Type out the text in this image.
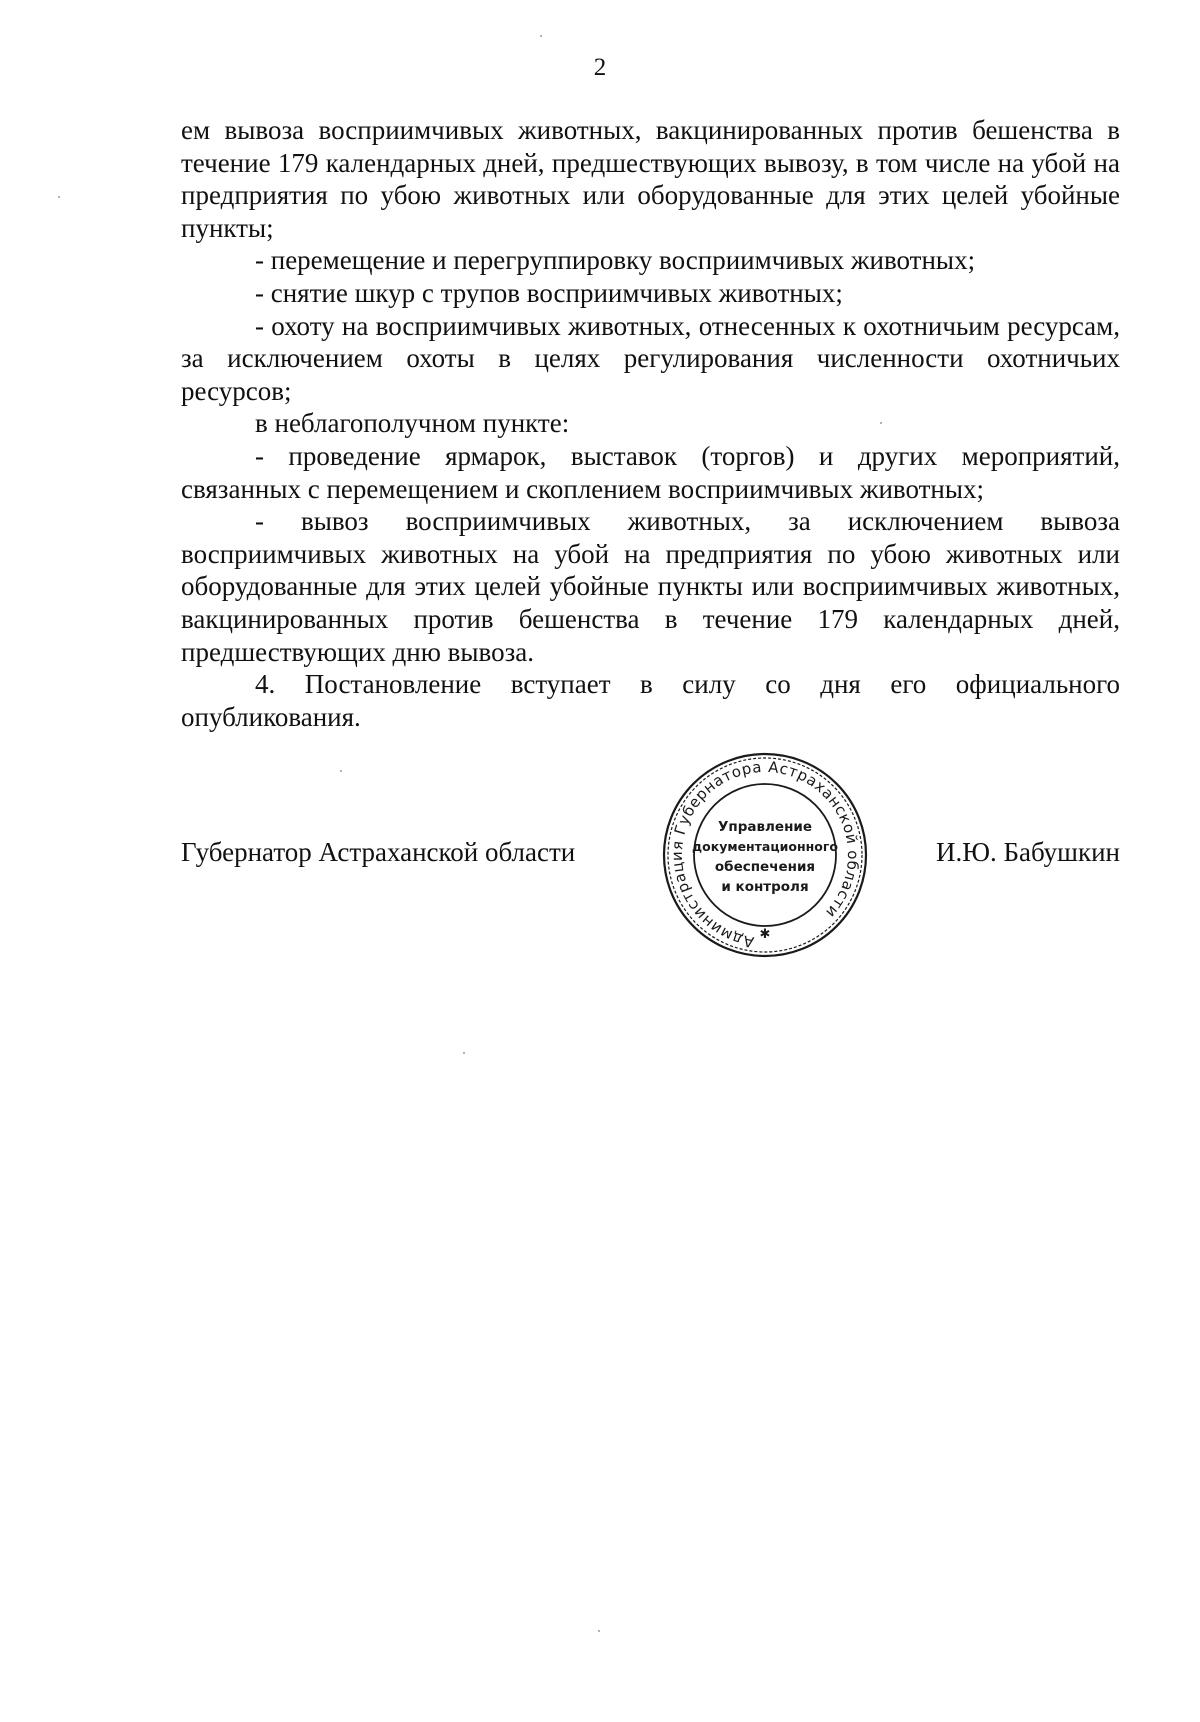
2

ем вывоза восприимчивых животных, вакцинированных против бешенства в течение 179 календарных дней, предшествующих вывозу, в том числе на убой на предприятия по убою животных или оборудованные для этих целей убойные пункты;

- перемещение и перегруппировку восприимчивых животных;

- снятие шкур с трупов восприимчивых животных;

- охоту на восприимчивых животных, отнесенных к охотничьим ресурсам, за исключением охоты в целях регулирования численности охотничьих ресурсов;

в неблагополучном пункте:

- проведение ярмарок, выставок (торгов) и других мероприятий, связанных с перемещением и скоплением восприимчивых животных;

- вывоз восприимчивых животных, за исключением вывоза восприимчивых животных на убой на предприятия по убою животных или оборудованные для этих целей убойные пункты или восприимчивых животных, вакцинированных против бешенства в течение 179 календарных дней, предшествующих дню вывоза.

4. Постановление вступает в силу со дня его официального опубликования.

Губернатор Астраханской области	И.Ю. Бабушкин
Администрация Губернатора Астраханской области
✱
Управление
документационного
обеспечения
и контроля
